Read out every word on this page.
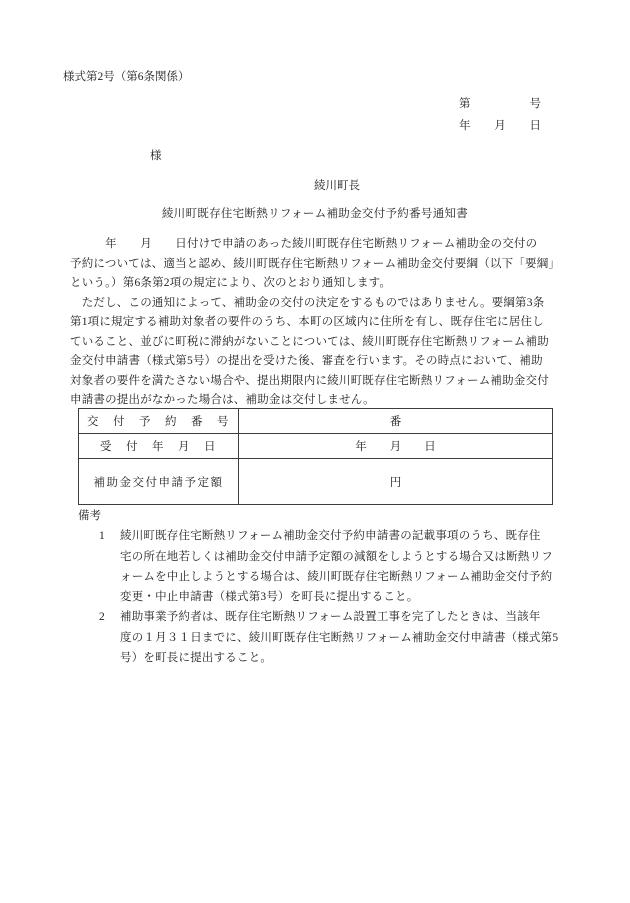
様式第2号（第6条関係）
第	号
年 月 日
様
綾川町長
綾川町既存住宅断熱リフォーム補助金交付予約番号通知書
　　　年　　月　　日付けで申請のあった綾川町既存住宅断熱リフォーム補助金の交付の
予約については、適当と認め、綾川町既存住宅断熱リフォーム補助金交付要綱（以下「要綱」
という。）第6条第2項の規定により、次のとおり通知します。
　ただし、この通知によって、補助金の交付の決定をするものではありません。要綱第3条
第1項に規定する補助対象者の要件のうち、本町の区域内に住所を有し、既存住宅に居住し
ていること、並びに町税に滞納がないことについては、綾川町既存住宅断熱リフォーム補助
金交付申請書（様式第5号）の提出を受けた後、審査を行います。その時点において、補助
対象者の要件を満たさない場合や、提出期限内に綾川町既存住宅断熱リフォーム補助金交付
申請書の提出がなかった場合は、補助金は交付しません。
交　付　予　約　番　号	番
受　付　年　月　日	年　　月　　日
補助金交付申請予定額	円
備考
1	綾川町既存住宅断熱リフォーム補助金交付予約申請書の記載事項のうち、既存住
宅の所在地若しくは補助金交付申請予定額の減額をしようとする場合又は断熱リフ
ォームを中止しようとする場合は、綾川町既存住宅断熱リフォーム補助金交付予約
変更・中止申請書（様式第3号）を町長に提出すること。
2	補助事業予約者は、既存住宅断熱リフォーム設置工事を完了したときは、当該年
度の１月３１日までに、綾川町既存住宅断熱リフォーム補助金交付申請書（様式第5
号）を町長に提出すること。
